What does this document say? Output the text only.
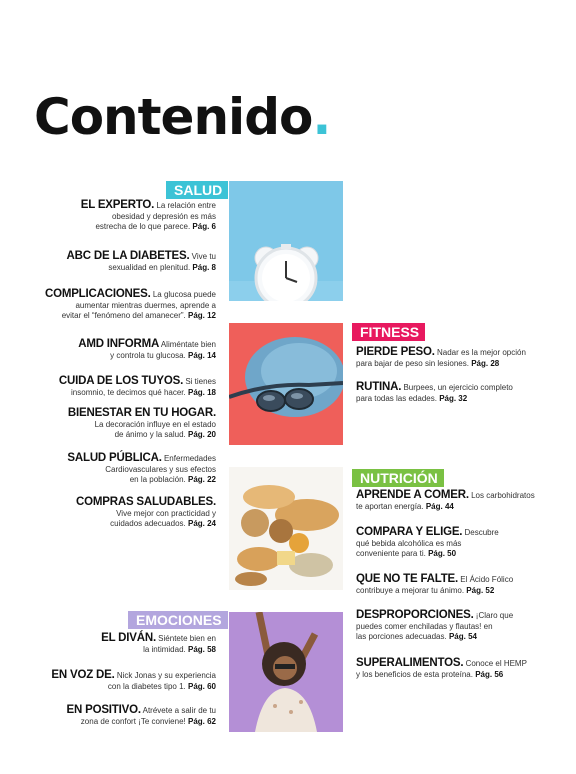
Contenido.
SALUD
FITNESS
NUTRICIÓN
EMOCIONES
EL EXPERTO. La relación entre
obesidad y depresión es más
estrecha de lo que parece. Pág. 6
ABC DE LA DIABETES. Vive tu
sexualidad en plenitud. Pág. 8
COMPLICACIONES. La glucosa puede
aumentar mientras duermes, aprende a
evitar el “fenómeno del amanecer”. Pág. 12
AMD INFORMA Aliméntate bien
y controla tu glucosa. Pág. 14
CUIDA DE LOS TUYOS. Si tienes
insomnio, te decimos qué hacer. Pág. 18
BIENESTAR EN TU HOGAR.
La decoración influye en el estado
de ánimo y la salud. Pág. 20
SALUD PÚBLICA. Enfermedades
Cardiovasculares y sus efectos
en la población. Pág. 22
COMPRAS SALUDABLES.
Vive mejor con practicidad y
cuidados adecuados. Pág. 24
EL DIVÁN. Siéntete bien en
la intimidad. Pág. 58
EN VOZ DE. Nick Jonas y su experiencia
con la diabetes tipo 1. Pág. 60
EN POSITIVO. Atrévete a salir de tu
zona de confort ¡Te conviene! Pág. 62
PIERDE PESO. Nadar es la mejor opción
para bajar de peso sin lesiones. Pág. 28
RUTINA. Burpees, un ejercicio completo
para todas las edades. Pág. 32
APRENDE A COMER. Los carbohidratos
te aportan energía. Pág. 44
COMPARA Y ELIGE. Descubre
qué bebida alcohólica es más
conveniente para ti. Pág. 50
QUE NO TE FALTE. El Ácido Fólico
contribuye a mejorar tu ánimo. Pág. 52
DESPROPORCIONES. ¡Claro que
puedes comer enchiladas y flautas! en
las porciones adecuadas. Pág. 54
SUPERALIMENTOS. Conoce el HEMP
y los beneficios de esta proteína. Pág. 56
